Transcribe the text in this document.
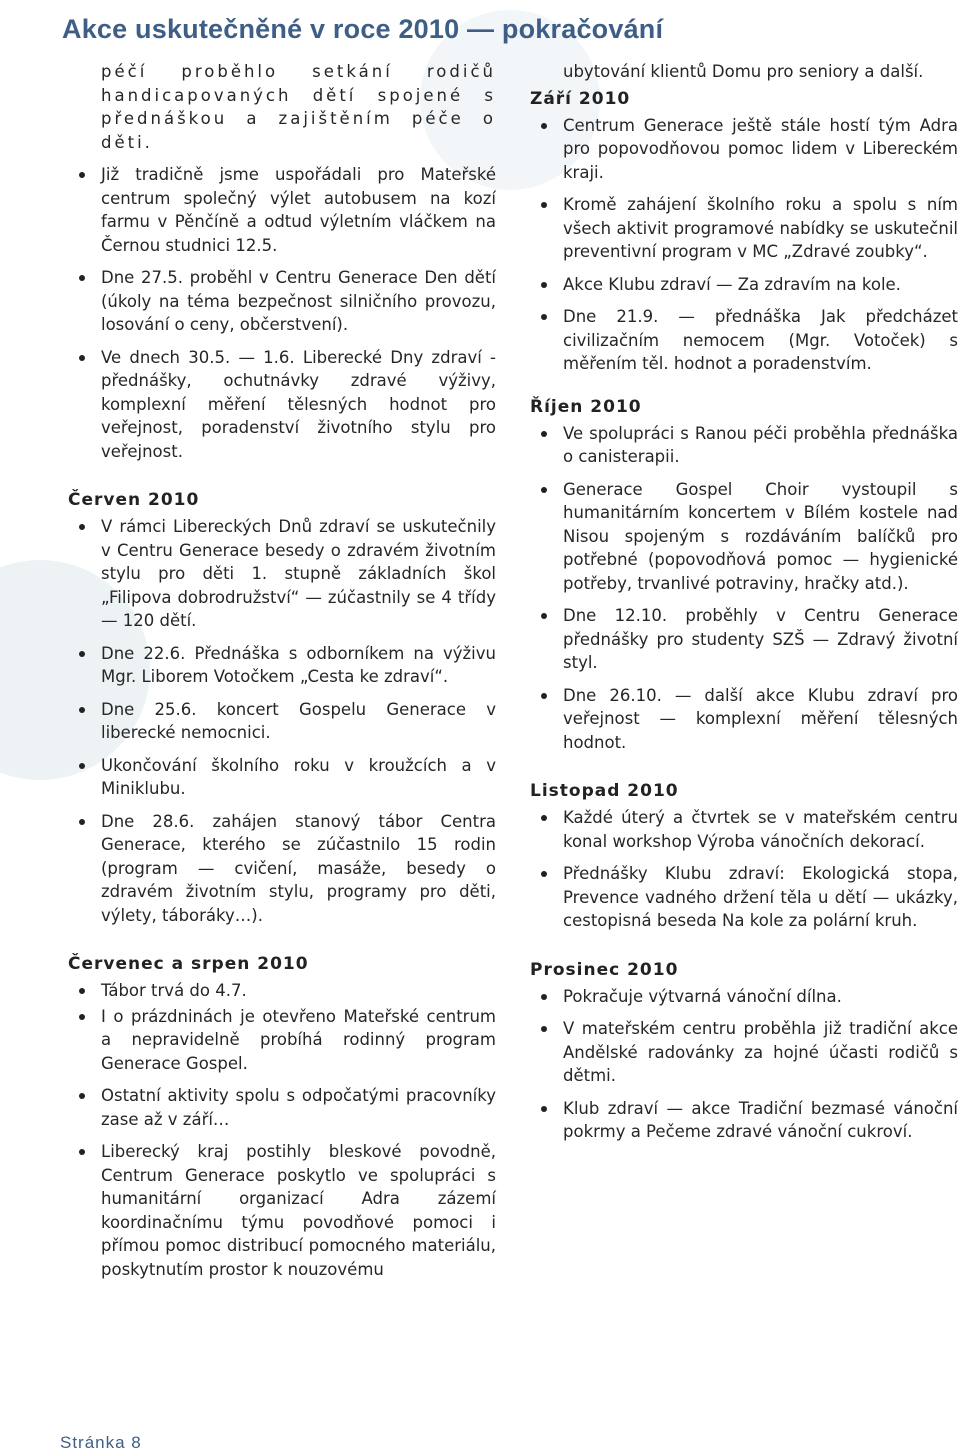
Akce uskutečněné v roce 2010 — pokračování
péčí proběhlo setkání rodičů handicapovaných dětí spojené s přednáškou a zajištěním péče o děti.
Již tradičně jsme uspořádali pro Mateřské centrum společný výlet autobusem na kozí farmu v Pěnčíně a odtud výletním vláčkem na Černou studnici 12.5.
Dne 27.5. proběhl v Centru Generace Den dětí (úkoly na téma bezpečnost silničního provozu, losování o ceny, občerstvení).
Ve dnech 30.5. — 1.6. Liberecké Dny zdraví - přednášky, ochutnávky zdravé výživy, komplexní měření tělesných hodnot pro veřejnost, poradenství životního stylu pro veřejnost.
Červen 2010
V rámci Libereckých Dnů zdraví se uskutečnily v Centru Generace besedy o zdravém životním stylu pro děti 1. stupně základních škol „Filipova dobrodružství“ — zúčastnily se 4 třídy — 120 dětí.
Dne 22.6. Přednáška s odborníkem na výživu Mgr. Liborem Votočkem „Cesta ke zdraví“.
Dne 25.6. koncert Gospelu Generace v liberecké nemocnici.
Ukončování školního roku v kroužcích a v Miniklubu.
Dne 28.6. zahájen stanový tábor Centra Generace, kterého se zúčastnilo 15 rodin (program — cvičení, masáže, besedy o zdravém životním stylu, programy pro děti, výlety, táboráky…).
Červenec a srpen 2010
Tábor trvá do 4.7.
I o prázdninách je otevřeno Mateřské centrum a nepravidelně probíhá rodinný program Generace Gospel.
Ostatní aktivity spolu s odpočatými pracovníky zase až v září…
Liberecký kraj postihly bleskové povodně, Centrum Generace poskytlo ve spolupráci s humanitární organizací Adra zázemí koordinačnímu týmu povodňové pomoci i přímou pomoc distribucí pomocného materiálu, poskytnutím prostor k nouzovému

ubytování klientů Domu pro seniory a další.

Září 2010
Centrum Generace ještě stále hostí tým Adra pro popovodňovou pomoc lidem v Libereckém kraji.
Kromě zahájení školního roku a spolu s ním všech aktivit programové nabídky se uskutečnil preventivní program v MC „Zdravé zoubky“.
Akce Klubu zdraví — Za zdravím na kole.
Dne 21.9. — přednáška Jak předcházet civilizačním nemocem (Mgr. Votoček) s měřením těl. hodnot a poradenstvím.
Říjen 2010
Ve spolupráci s Ranou péči proběhla přednáška o canisterapii.
Generace Gospel Choir vystoupil s humanitárním koncertem v Bílém kostele nad Nisou spojeným s rozdáváním balíčků pro potřebné (popovodňová pomoc — hygienické potřeby, trvanlivé potraviny, hračky atd.).
Dne 12.10. proběhly v Centru Generace přednášky pro studenty SZŠ — Zdravý životní styl.
Dne 26.10. — další akce Klubu zdraví pro veřejnost — komplexní měření tělesných hodnot.
Listopad 2010
Každé úterý a čtvrtek se v mateřském centru konal workshop Výroba vánočních dekorací.
Přednášky Klubu zdraví: Ekologická stopa, Prevence vadného držení těla u dětí — ukázky, cestopisná beseda Na kole za polární kruh.
Prosinec 2010
Pokračuje výtvarná vánoční dílna.
V mateřském centru proběhla již tradiční akce Andělské radovánky za hojné účasti rodičů s dětmi.
Klub zdraví — akce Tradiční bezmasé vánoční pokrmy a Pečeme zdravé vánoční cukroví.
Stránka 8
